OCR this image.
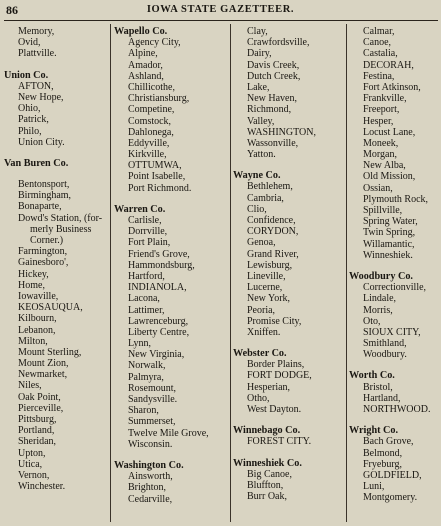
86	IOWA STATE GAZETTEER.
Memory,
Ovid,
Plattville.
Union Co.
AFTON,
New Hope,
Ohio,
Patrick,
Philo,
Union City.
Van Buren Co.
Bentonsport,
Birmingham,
Bonaparte,
Dowd's Station, (for-
merly Business
Corner.)
Farmington,
Gainesboro',
Hickey,
Home,
Iowaville,
KEOSAUQUA,
Kilbourn,
Lebanon,
Milton,
Mount Sterling,
Mount Zion,
Newmarket,
Niles,
Oak Point,
Pierceville,
Pittsburg,
Portland,
Sheridan,
Upton,
Utica,
Vernon,
Winchester.
Wapello Co.
Agency City,
Alpine,
Amador,
Ashland,
Chillicothe,
Christiansburg,
Competine,
Comstock,
Dahlonega,
Eddyville,
Kirkville,
OTTUMWA,
Point Isabelle,
Port Richmond.
Warren Co.
Carlisle,
Dorrville,
Fort Plain,
Friend's Grove,
Hammondsburg,
Hartford,
INDIANOLA,
Lacona,
Lattimer,
Lawrenceburg,
Liberty Centre,
Lynn,
New Virginia,
Norwalk,
Palmyra,
Rosemount,
Sandysville.
Sharon,
Summerset,
Twelve Mile Grove,
Wisconsin.
Washington Co.
Ainsworth,
Brighton,
Cedarville,
Clay,
Crawfordsville,
Dairy,
Davis Creek,
Dutch Creek,
Lake,
New Haven,
Richmond,
Valley,
WASHINGTON,
Wassonville,
Yatton.
Wayne Co.
Bethlehem,
Cambria,
Clio,
Confidence,
CORYDON,
Genoa,
Grand River,
Lewisburg,
Lineville,
Lucerne,
New York,
Peoria,
Promise City,
Xniffen.
Webster Co.
Border Plains,
FORT DODGE,
Hesperian,
Otho,
West Dayton.
Winnebago Co.
FOREST CITY.
Winneshiek Co.
Big Canoe,
Bluffton,
Burr Oak,
Calmar,
Canoe,
Castalia,
DECORAH,
Festina,
Fort Atkinson,
Frankville,
Freeport,
Hesper,
Locust Lane,
Moneek,
Morgan,
New Alba,
Old Mission,
Ossian,
Plymouth Rock,
Spillville,
Spring Water,
Twin Spring,
Willamantic,
Winneshiek.
Woodbury Co.
Correctionville,
Lindale,
Morris,
Oto,
SIOUX CITY,
Smithland,
Woodbury.
Worth Co.
Bristol,
Hartland,
NORTHWOOD.
Wright Co.
Bach Grove,
Belmond,
Fryeburg,
GOLDFIELD,
Luni,
Montgomery.
